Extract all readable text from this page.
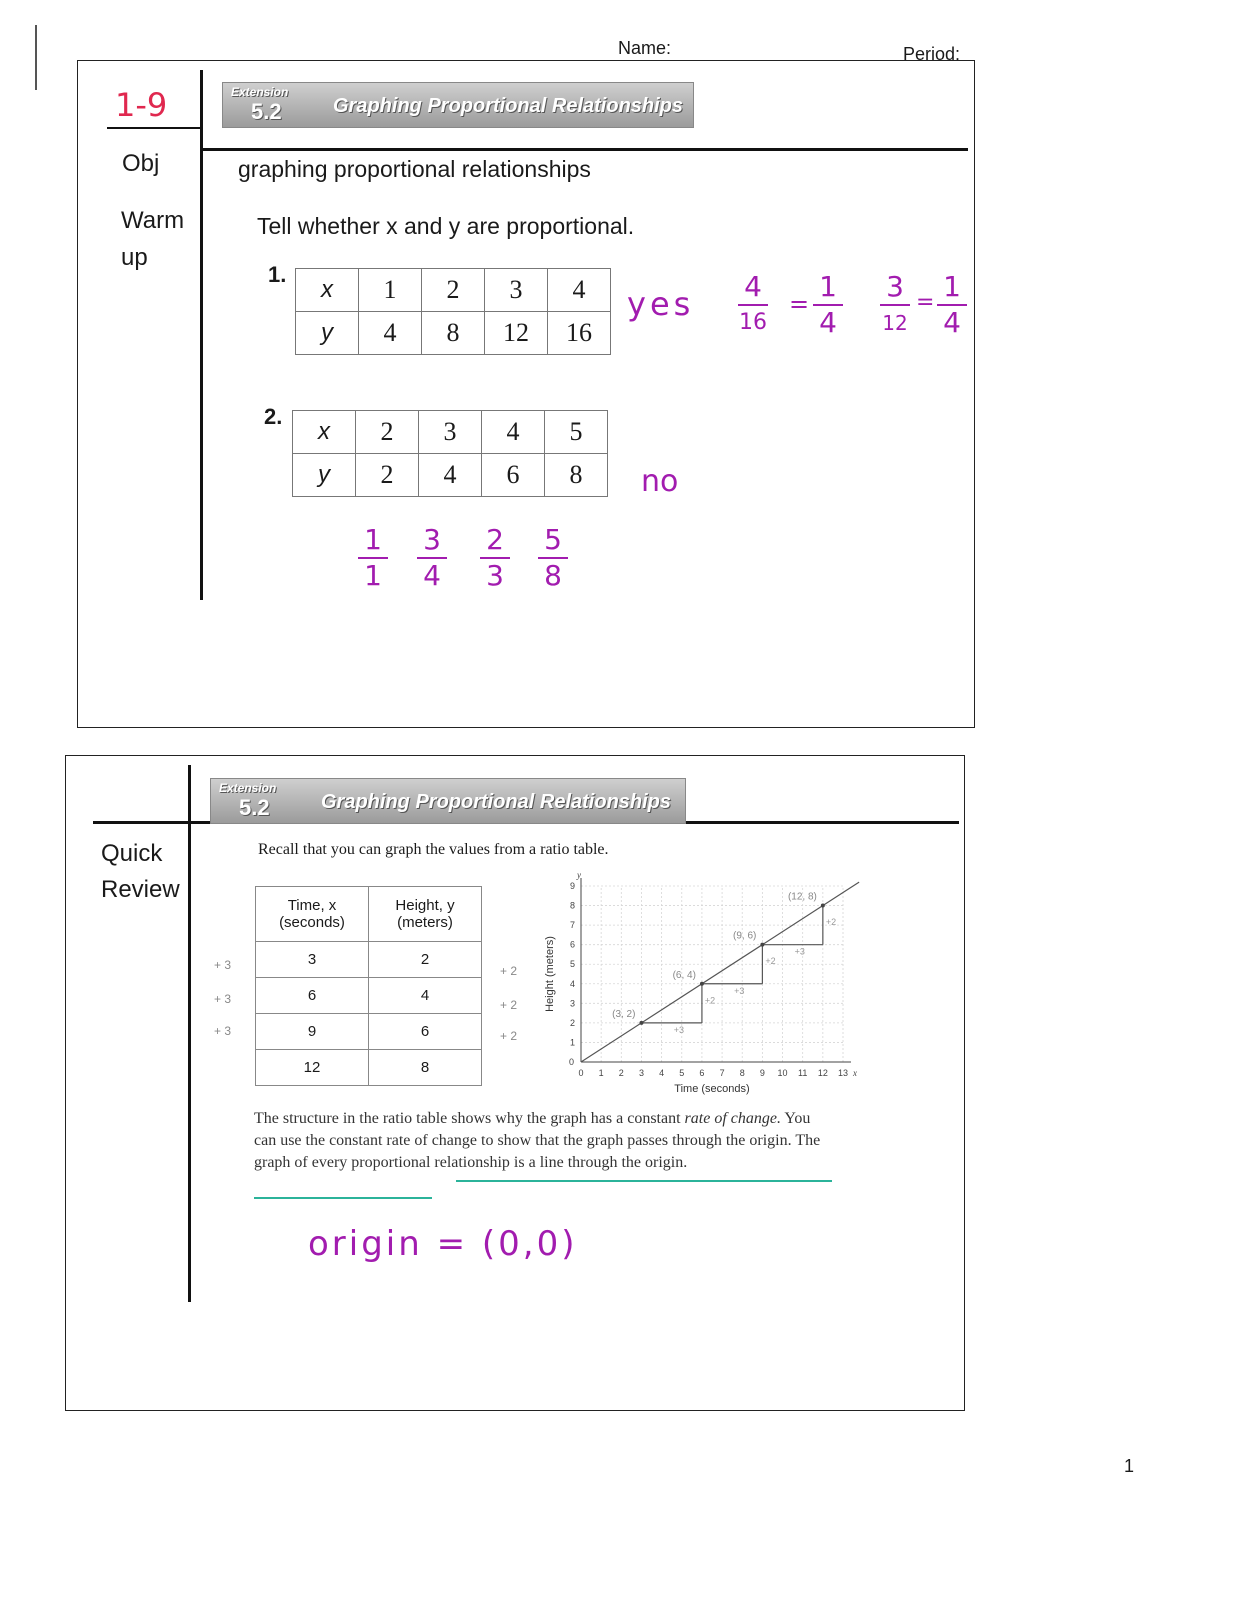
Name:	Period:
1-9
Obj
Warm
up
Extension
5.2	Graphing Proportional Relationships
graphing proportional relationships
Tell whether x and y are proportional.
1.
x	1	2	3	4
y	4	8	12	16
yes 4
16
=
1
4
3
12
= 1
4
2.
x	2	3	4	5
y	2	4	6	8 no
1
1
3
4
2
3
5
8
Quick
Review
Extension
5.2	Graphing Proportional Relationships
Recall that you can graph the values from a ratio table.
Time, x (seconds)	Height, y (meters)
3	2
6	4
9	6
12	8
+ 3
+ 3
+ 3
+ 2
+ 2
+ 2
x
y
0 1 2 3 4 5 6 7 8 9 10 11 12 13
1
2
3
4
5
6
7
8
9
0
Time (seconds)
Height (meters)
+3
+2
+3
+2
+3
+2
(3, 2)
(6, 4)
(9, 6)
(12, 8)
The structure in the ratio table shows why the graph has a constant rate of change. You can use the constant rate of change to show that the graph passes through the origin. The graph of every proportional relationship is a line through the origin.
origin = (0,0)
1
